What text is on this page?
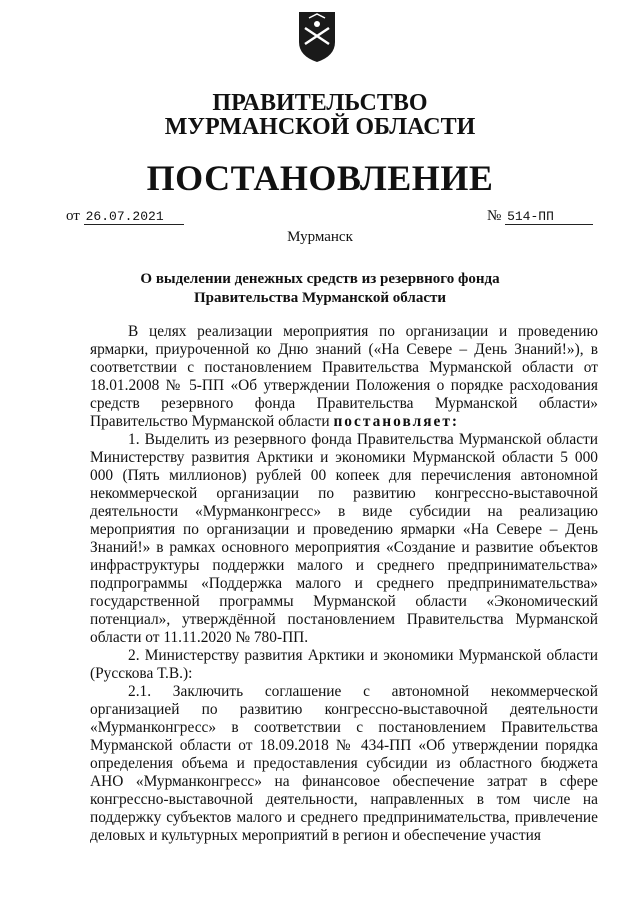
ПРАВИТЕЛЬСТВО
МУРМАНСКОЙ ОБЛАСТИ
ПОСТАНОВЛЕНИЕ
от 26.07.2021	№ 514-ПП
Мурманск
О выделении денежных средств из резервного фонда
Правительства Мурманской области

В целях реализации мероприятия по организации и проведению ярмарки, приуроченной ко Дню знаний («На Севере – День Знаний!»), в соответствии с постановлением Правительства Мурманской области от 18.01.2008 № 5-ПП «Об утверждении Положения о порядке расходования средств резервного фонда Правительства Мурманской области» Правительство Мурманской области постановляет:

1. Выделить из резервного фонда Правительства Мурманской области Министерству развития Арктики и экономики Мурманской области 5 000 000 (Пять миллионов) рублей 00 копеек для перечисления автономной некоммерческой организации по развитию конгрессно-выставочной деятельности «Мурманконгресс» в виде субсидии на реализацию мероприятия по организации и проведению ярмарки «На Севере – День Знаний!» в рамках основного мероприятия «Создание и развитие объектов инфраструктуры поддержки малого и среднего предпринимательства» подпрограммы «Поддержка малого и среднего предпринимательства» государственной программы Мурманской области «Экономический потенциал», утверждённой постановлением Правительства Мурманской области от 11.11.2020 № 780-ПП.

2. Министерству развития Арктики и экономики Мурманской области (Русскова Т.В.):

2.1. Заключить соглашение с автономной некоммерческой организацией по развитию конгрессно-выставочной деятельности «Мурманконгресс» в соответствии с постановлением Правительства Мурманской области от 18.09.2018 № 434-ПП «Об утверждении порядка определения объема и предоставления субсидии из областного бюджета АНО «Мурманконгресс» на финансовое обеспечение затрат в сфере конгрессно-выставочной деятельности, направленных в том числе на поддержку субъектов малого и среднего предпринимательства, привлечение деловых и культурных мероприятий в регион и обеспечение участия
